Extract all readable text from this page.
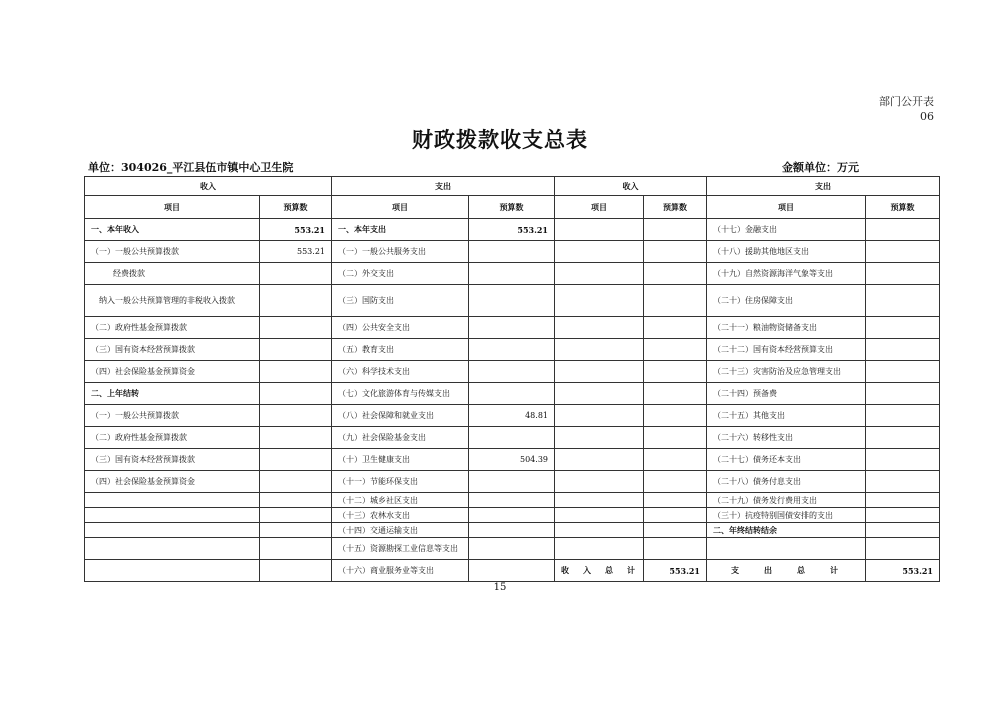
部门公开表
06
财政拨款收支总表
单位：304026_平江县伍市镇中心卫生院	金额单位：万元
收入		支出		收入		支出	
项目	预算数	项目	预算数	项目	预算数	项目	预算数
一、本年收入	553.21	一、本年支出	553.21			（十七）金融支出	
（一）一般公共预算拨款	553.21	（一）一般公共服务支出				（十八）援助其他地区支出	
经费拨款		（二）外交支出				（十九）自然资源海洋气象等支出	
纳入一般公共预算管理的非税收入拨款		（三）国防支出				（二十）住房保障支出	
（二）政府性基金预算拨款		（四）公共安全支出				（二十一）粮油物资储备支出	
（三）国有资本经营预算拨款		（五）教育支出				（二十二）国有资本经营预算支出	
（四）社会保险基金预算资金		（六）科学技术支出				（二十三）灾害防治及应急管理支出	
二、上年结转		（七）文化旅游体育与传媒支出				（二十四）预备费	
（一）一般公共预算拨款		（八）社会保障和就业支出	48.81			（二十五）其他支出	
（二）政府性基金预算拨款		（九）社会保险基金支出				（二十六）转移性支出	
（三）国有资本经营预算拨款		（十）卫生健康支出	504.39			（二十七）债务还本支出	
（四）社会保险基金预算资金		（十一）节能环保支出				（二十八）债务付息支出	
		（十二）城乡社区支出				（二十九）债务发行费用支出	
		（十三）农林水支出				（三十）抗疫特别国债安排的支出	
		（十四）交通运输支出				二、年终结转结余	
		（十五）资源勘探工业信息等支出					
		（十六）商业服务业等支出		收　入　总　计	553.21	支　　出　　总　　计	553.21
15
